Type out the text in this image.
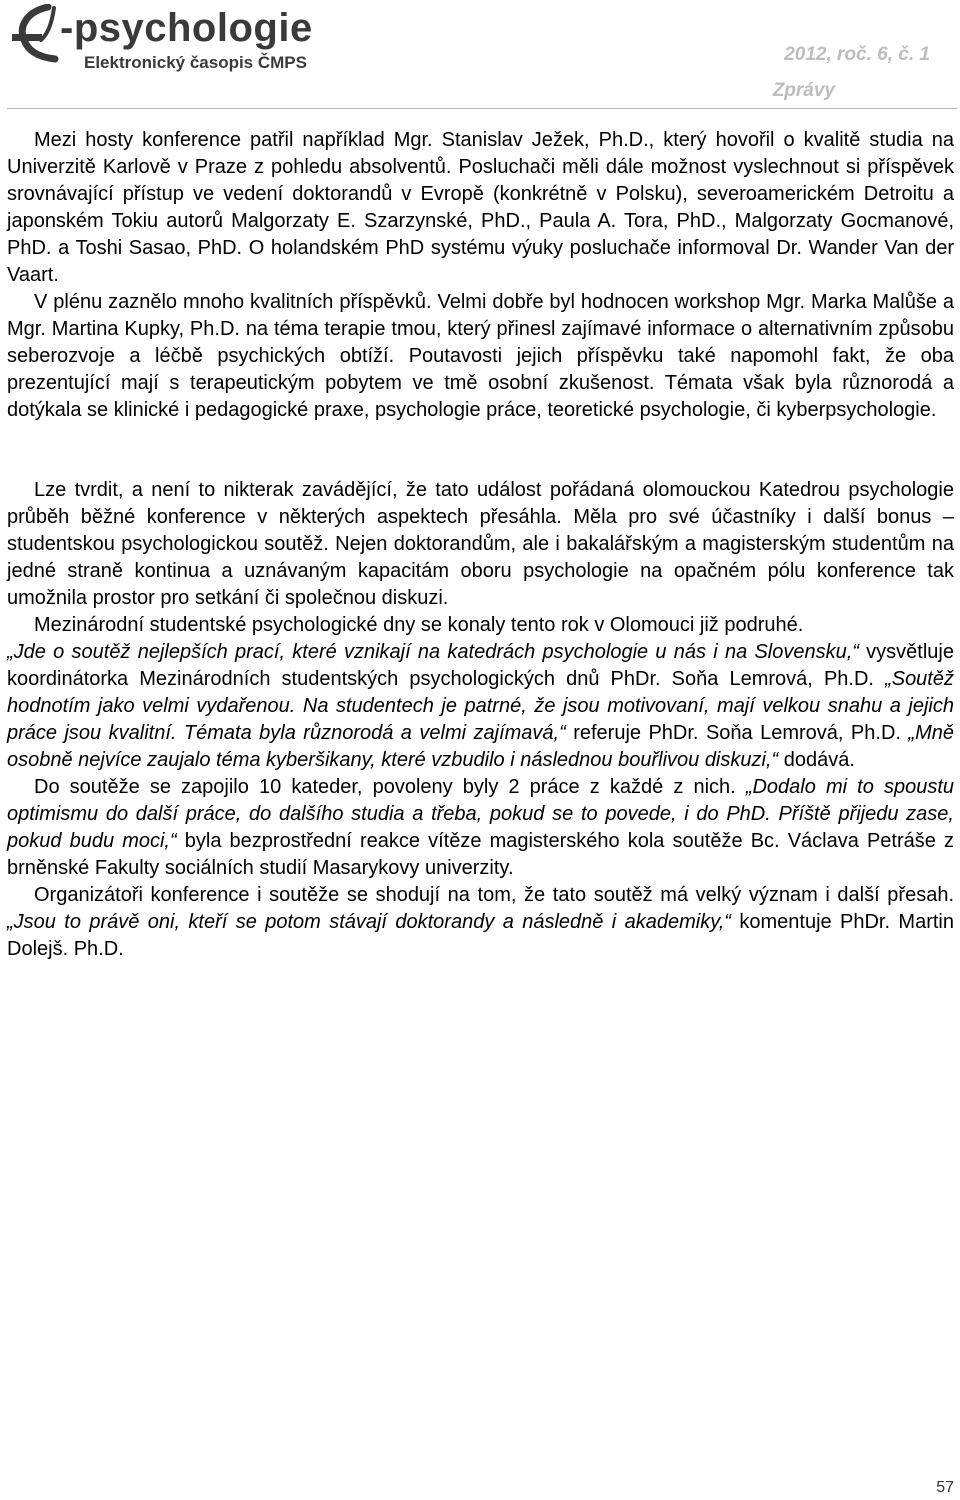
-psychologie
Elektronický časopis ČMPS	2012, roč. 6, č. 1
Zprávy

Mezi hosty konference patřil například Mgr. Stanislav Ježek, Ph.D., který hovořil o kvalitě studia na Univerzitě Karlově v Praze z pohledu absolventů. Posluchači měli dále možnost vyslechnout si příspěvek srovnávající přístup ve vedení doktorandů v Evropě (konkrétně v Polsku), severoamerickém Detroitu a japonském Tokiu autorů Malgorzaty E. Szarzynské, PhD., Paula A. Tora, PhD., Malgorzaty Gocmanové, PhD. a Toshi Sasao, PhD. O holandském PhD systému výuky posluchače informoval Dr. Wander Van der Vaart.

V plénu zaznělo mnoho kvalitních příspěvků. Velmi dobře byl hodnocen workshop Mgr. Marka Malůše a Mgr. Martina Kupky, Ph.D. na téma terapie tmou, který přinesl zajímavé informace o alternativním způsobu seberozvoje a léčbě psychických obtíží. Poutavosti jejich příspěvku také napomohl fakt, že oba prezentující mají s terapeutickým pobytem ve tmě osobní zkušenost. Témata však byla různorodá a dotýkala se klinické i pedagogické praxe, psychologie práce, teoretické psychologie, či kyberpsychologie.

Lze tvrdit, a není to nikterak zavádějící, že tato událost pořádaná olomouckou Katedrou psychologie průběh běžné konference v některých aspektech přesáhla. Měla pro své účastníky i další bonus – studentskou psychologickou soutěž. Nejen doktorandům, ale i bakalářským a magisterským studentům na jedné straně kontinua a uznávaným kapacitám oboru psychologie na opačném pólu konference tak umožnila prostor pro setkání či společnou diskuzi.

Mezinárodní studentské psychologické dny se konaly tento rok v Olomouci již podruhé.

„Jde o soutěž nejlepších prací, které vznikají na katedrách psychologie u nás i na Slovensku,“ vysvětluje koordinátorka Mezinárodních studentských psychologických dnů PhDr. Soňa Lemrová, Ph.D. „Soutěž hodnotím jako velmi vydařenou. Na studentech je patrné, že jsou motivovaní, mají velkou snahu a jejich práce jsou kvalitní. Témata byla různorodá a velmi zajímavá,“ referuje PhDr. Soňa Lemrová, Ph.D. „Mně osobně nejvíce zaujalo téma kyberšikany, které vzbudilo i následnou bouřlivou diskuzi,“ dodává.

Do soutěže se zapojilo 10 kateder, povoleny byly 2 práce z každé z nich. „Dodalo mi to spoustu optimismu do další práce, do dalšího studia a třeba, pokud se to povede, i do PhD. Příště přijedu zase, pokud budu moci,“ byla bezprostřední reakce vítěze magisterského kola soutěže Bc. Václava Petráše z brněnské Fakulty sociálních studií Masarykovy univerzity.

Organizátoři konference i soutěže se shodují na tom, že tato soutěž má velký význam i další přesah. „Jsou to právě oni, kteří se potom stávají doktorandy a následně i akademiky,“ komentuje PhDr. Martin Dolejš. Ph.D.

57
